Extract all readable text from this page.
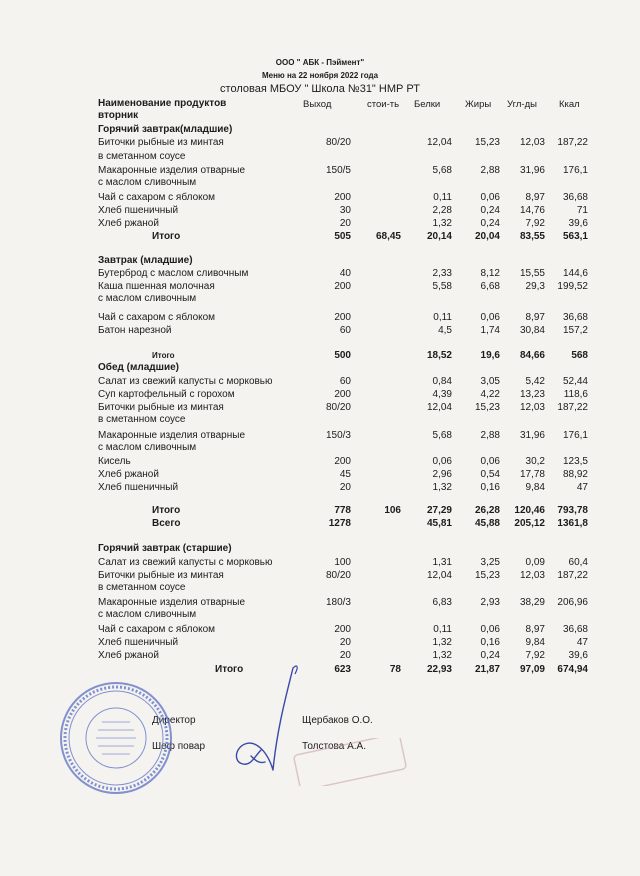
ООО " АБК - Пэймент"
Меню на 22 ноября 2022 года
столовая МБОУ " Школа №31" НМР РТ
Наименование продуктов
вторник
Выход	стои-ть Белки	Жиры Угл-ды Ккал
Горячий завтрак(младшие)
Биточки рыбные из минтая
в сметанном соусе
80/20	12,04	15,23	12,03	187,22
Макаронные изделия отварные
с маслом сливочным
150/5	5,68	2,88	31,96	176,1
Чай с сахаром с яблоком	200	0,11	0,06	8,97	36,68
Хлеб пшеничный	30	2,28	0,24	14,76	71
Хлеб ржаной	20	1,32	0,24	7,92	39,6
Итого	505	68,45	20,14	20,04	83,55	563,1
Завтрак (младшие)
Бутерброд с маслом сливочным	40	2,33	8,12	15,55	144,6
Каша пшенная молочная
с маслом сливочным
200	5,58	6,68	29,3	199,52
Чай с сахаром с яблоком	200	0,11	0,06	8,97	36,68
Батон нарезной	60	4,5	1,74	30,84	157,2
Итого	500	18,52	19,6	84,66	568
Обед (младшие)
Салат из свежий капусты с морковью	60	0,84	3,05	5,42	52,44
Суп картофельный с горохом	200	4,39	4,22	13,23	118,6
Биточки рыбные из минтая
в сметанном соусе
80/20	12,04	15,23	12,03	187,22
Макаронные изделия отварные
с маслом сливочным
150/3	5,68	2,88	31,96	176,1
Кисель	200	0,06	0,06	30,2	123,5
Хлеб ржаной	45	2,96	0,54	17,78	88,92
Хлеб пшеничный	20	1,32	0,16	9,84	47
Итого	778	106	27,29	26,28	120,46	793,78
Всего	1278	45,81	45,88	205,12	1361,8
Горячий завтрак (старшие)
Салат из свежий капусты с морковью	100	1,31	3,25	0,09	60,4
Биточки рыбные из минтая
в сметанном соусе
80/20	12,04	15,23	12,03	187,22
Макаронные изделия отварные
с маслом сливочным
180/3	6,83	2,93	38,29	206,96
Чай с сахаром с яблоком	200	0,11	0,06	8,97	36,68
Хлеб пшеничный	20	1,32	0,16	9,84	47
Хлеб ржаной	20	1,32	0,24	7,92	39,6
Итого	623	78	22,93	21,87	97,09	674,94
Директор	Щербаков О.О.
Шеф повар	Толстова А.А.
